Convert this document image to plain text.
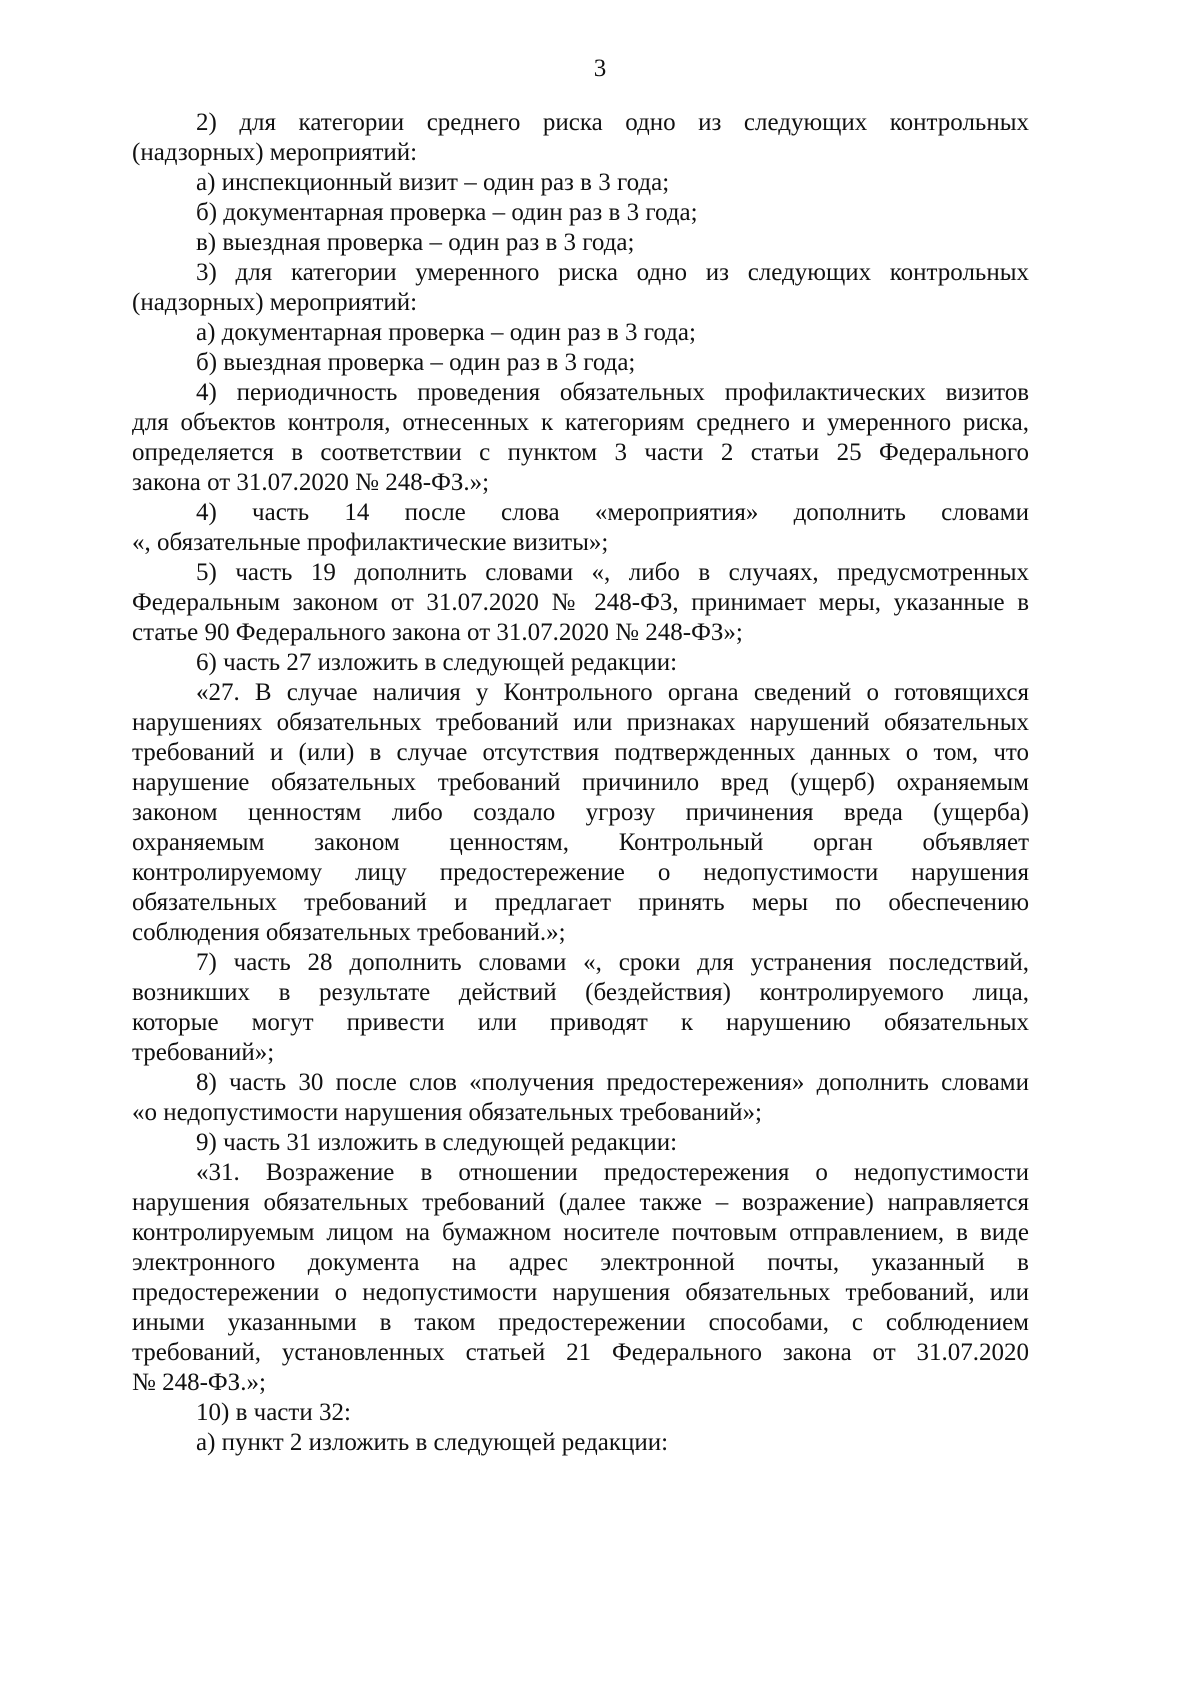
3
2) для категории среднего риска одно из следующих контрольных
(надзорных) мероприятий:
а) инспекционный визит – один раз в 3 года;
б) документарная проверка – один раз в 3 года;
в) выездная проверка – один раз в 3 года;
3) для категории умеренного риска одно из следующих контрольных
(надзорных) мероприятий:
а) документарная проверка – один раз в 3 года;
б) выездная проверка – один раз в 3 года;
4) периодичность проведения обязательных профилактических визитов
для объектов контроля, отнесенных к категориям среднего и умеренного риска,
определяется в соответствии с пунктом 3 части 2 статьи 25 Федерального
закона от 31.07.2020 № 248-ФЗ.»;
4) часть 14 после слова «мероприятия» дополнить словами
«, обязательные профилактические визиты»;
5) часть 19 дополнить словами «, либо в случаях, предусмотренных
Федеральным законом от 31.07.2020 № 248-ФЗ, принимает меры, указанные в
статье 90 Федерального закона от 31.07.2020 № 248-ФЗ»;
6) часть 27 изложить в следующей редакции:
«27. В случае наличия у Контрольного органа сведений о готовящихся
нарушениях обязательных требований или признаках нарушений обязательных
требований и (или) в случае отсутствия подтвержденных данных о том, что
нарушение обязательных требований причинило вред (ущерб) охраняемым
законом ценностям либо создало угрозу причинения вреда (ущерба)
охраняемым законом ценностям, Контрольный орган объявляет
контролируемому лицу предостережение о недопустимости нарушения
обязательных требований и предлагает принять меры по обеспечению
соблюдения обязательных требований.»;
7) часть 28 дополнить словами «, сроки для устранения последствий,
возникших в результате действий (бездействия) контролируемого лица,
которые могут привести или приводят к нарушению обязательных
требований»;
8) часть 30 после слов «получения предостережения» дополнить словами
«о недопустимости нарушения обязательных требований»;
9) часть 31 изложить в следующей редакции:
«31. Возражение в отношении предостережения о недопустимости
нарушения обязательных требований (далее также – возражение) направляется
контролируемым лицом на бумажном носителе почтовым отправлением, в виде
электронного документа на адрес электронной почты, указанный в
предостережении о недопустимости нарушения обязательных требований, или
иными указанными в таком предостережении способами, с соблюдением
требований, установленных статьей 21 Федерального закона от 31.07.2020
№ 248-ФЗ.»;
10) в части 32:
а) пункт 2 изложить в следующей редакции:
